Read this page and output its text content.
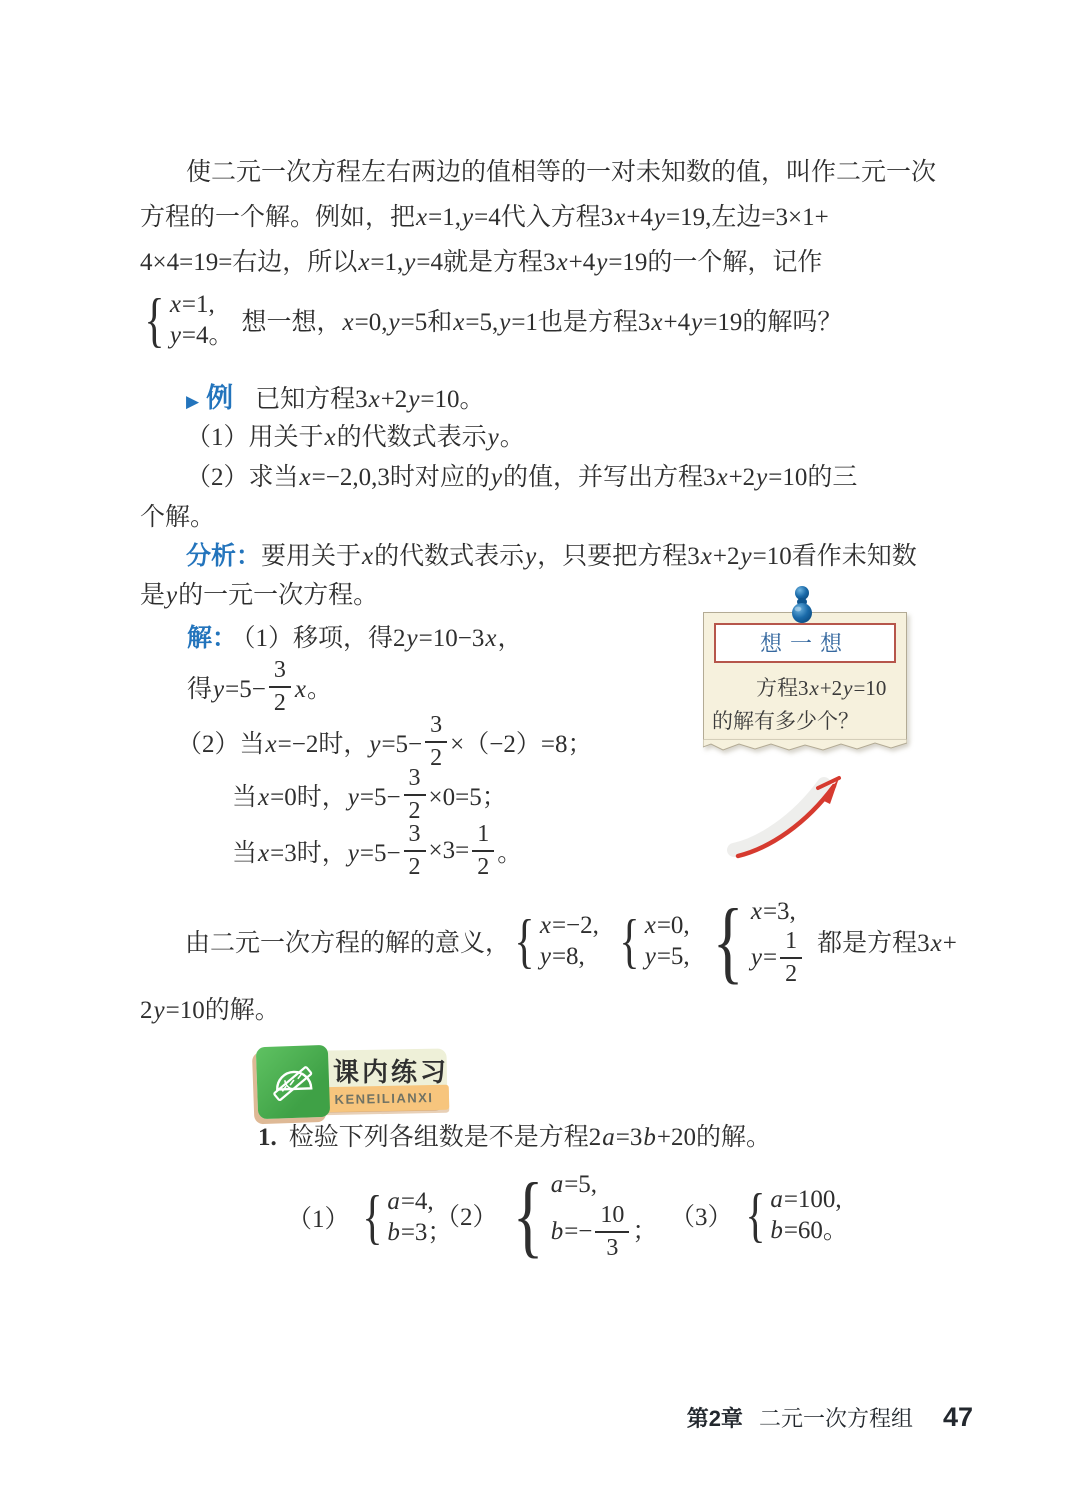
使二元一次方程左右两边的值相等的一对未知数的值，叫作二元一次
方程的一个解。例如，把x=1,y=4代入方程3x+4y=19,左边=3×1+
4×4=19=右边，所以x=1,y=4就是方程3x+4y=19的一个解，记作
{ x=1,
y=4。 想一想，x=0,y=5和x=5,y=1也是方程3x+4y=19的解吗？
▶ 例 已知方程3x+2y=10。
（1）用关于x的代数式表示y。
（2）求当x=−2,0,3时对应的y的值，并写出方程3x+2y=10的三
个解。
分析：要用关于x的代数式表示y，只要把方程3x+2y=10看作未知数
是y的一元一次方程。
解： （1）移项，得2y=10−3x，
得$y=5- \frac{3}{2}$ x。
（2）当x=−2时，$y=5- \frac{3}{2} \times(-2)=8$；
当x=0时，$y=5- \frac{3}{2} \times 0=5$；
当x=3时，$y=5- \frac{3}{2} \times 3= \frac{1}{2}$ 。
想一想
方程3x+2y=10
的解有多少个？
由二元一次方程的解的意义， { x=−2,
y=8, { x=0,
y=5, { x=3,
$y= \frac{1}{2}$ 都是方程3x+
2y=10的解。
KENEILIANXI
课内练习
1. 检验下列各组数是不是方程2a=3b+20的解。
（1） { a=4,
b=3；
（2） { a=5,
$b=- \frac{10}{3}$ ；
（3） { a=100,
b=60。
第2章 二元一次方程组 47
